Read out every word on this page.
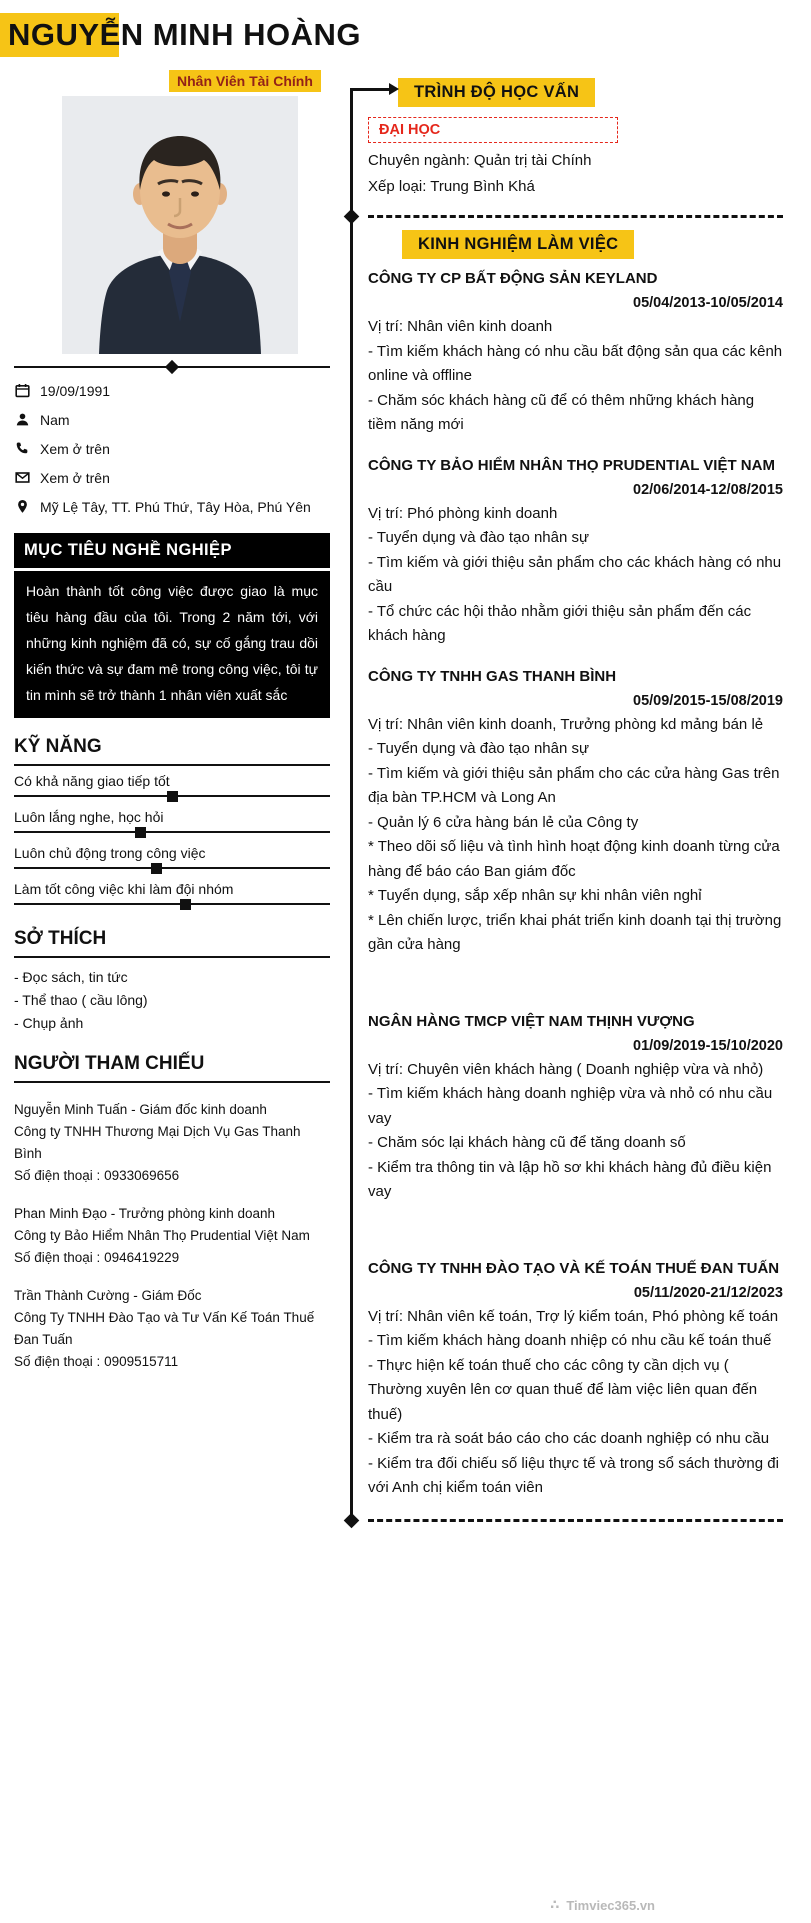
NGUYỄN MINH HOÀNG
Nhân Viên Tài Chính
19/09/1991
Nam
Xem ở trên
Xem ở trên
Mỹ Lệ Tây, TT. Phú Thứ, Tây Hòa, Phú Yên
MỤC TIÊU NGHỀ NGHIỆP
Hoàn thành tốt công việc được giao là mục tiêu hàng đầu của tôi. Trong 2 năm tới, với những kinh nghiệm đã có, sự cố gắng trau dồi kiến thức và sự đam mê trong công việc, tôi tự tin mình sẽ trở thành 1 nhân viên xuất sắc
KỸ NĂNG
Có khả năng giao tiếp tốt
Luôn lắng nghe, học hỏi
Luôn chủ động trong công việc
Làm tốt công việc khi làm đội nhóm
SỞ THÍCH
- Đọc sách, tin tức
- Thể thao ( cầu lông)
- Chụp ảnh
NGƯỜI THAM CHIẾU

Nguyễn Minh Tuấn - Giám đốc kinh doanh

Công ty TNHH Thương Mại Dịch Vụ Gas Thanh Bình

Số điện thoại : 0933069656

Phan Minh Đạo - Trưởng phòng kinh doanh

Công ty Bảo Hiểm Nhân Thọ Prudential Việt Nam

Số điện thoại : 0946419229

Trần Thành Cường - Giám Đốc

Công Ty TNHH Đào Tạo và Tư Vấn Kế Toán Thuế Đan Tuấn

Số điện thoại : 0909515711

TRÌNH ĐỘ HỌC VẤN
ĐẠI HỌC
Chuyên ngành: Quản trị tài Chính
Xếp loại: Trung Bình Khá
KINH NGHIỆM LÀM VIỆC
CÔNG TY CP BẤT ĐỘNG SẢN KEYLAND
05/04/2013-10/05/2014
Vị trí: Nhân viên kinh doanh
- Tìm kiếm khách hàng có nhu cầu bất động sản qua các kênh online và offline
- Chăm sóc khách hàng cũ để có thêm những khách hàng tiềm năng mới
CÔNG TY BẢO HIỂM NHÂN THỌ PRUDENTIAL VIỆT NAM
02/06/2014-12/08/2015
Vị trí: Phó phòng kinh doanh
- Tuyển dụng và đào tạo nhân sự
- Tìm kiếm và giới thiệu sản phẩm cho các khách hàng có nhu cầu
- Tổ chức các hội thảo nhằm giới thiệu sản phẩm đến các khách hàng
CÔNG TY TNHH GAS THANH BÌNH
05/09/2015-15/08/2019
Vị trí: Nhân viên kinh doanh, Trưởng phòng kd mảng bán lẻ
- Tuyển dụng và đào tạo nhân sự
- Tìm kiếm và giới thiệu sản phẩm cho các cửa hàng Gas trên địa bàn TP.HCM và Long An
- Quản lý 6 cửa hàng bán lẻ của Công ty
* Theo dõi số liệu và tình hình hoạt động kinh doanh từng cửa hàng để báo cáo Ban giám đốc
* Tuyển dụng, sắp xếp nhân sự khi nhân viên nghỉ
* Lên chiến lược, triển khai phát triển kinh doanh tại thị trường gần cửa hàng
NGÂN HÀNG TMCP VIỆT NAM THỊNH VƯỢNG
01/09/2019-15/10/2020
Vị trí: Chuyên viên khách hàng ( Doanh nghiệp vừa và nhỏ)
- Tìm kiếm khách hàng doanh nghiệp vừa và nhỏ có nhu cầu vay
- Chăm sóc lại khách hàng cũ để tăng doanh số
- Kiểm tra thông tin và lập hồ sơ khi khách hàng đủ điều kiện vay
CÔNG TY TNHH ĐÀO TẠO VÀ KẾ TOÁN THUẾ ĐAN TUẤN
05/11/2020-21/12/2023
Vị trí: Nhân viên kế toán, Trợ lý kiểm toán, Phó phòng kế toán
- Tìm kiếm khách hàng doanh nhiệp có nhu cầu kế toán thuế
- Thực hiện kế toán thuế cho các công ty cần dịch vụ ( Thường xuyên lên cơ quan thuế để làm việc liên quan đến thuế)
- Kiểm tra rà soát báo cáo cho các doanh nghiệp có nhu cầu
- Kiểm tra đối chiếu số liệu thực tế và trong sổ sách thường đi với Anh chị kiểm toán viên
∴ Timviec365.vn
